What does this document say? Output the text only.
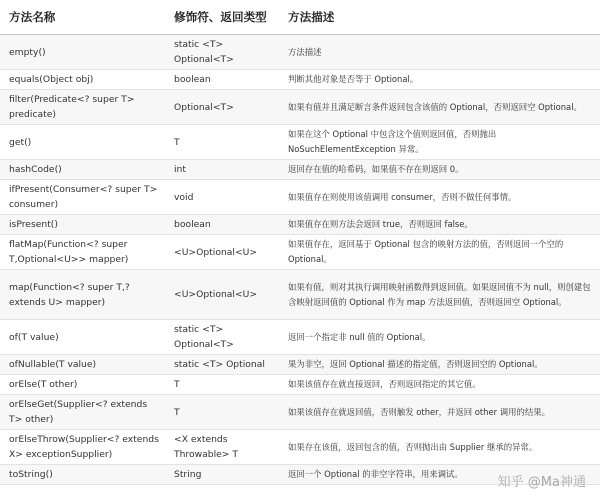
方法名称	修饰符、返回类型	方法描述
empty()	static <T> Optional<T>	方法描述
equals(Object obj)	boolean	判断其他对象是否等于 Optional。
filter(Predicate<? super T> predicate)	Optional<T>	如果有值并且满足断言条件返回包含该值的 Optional，否则返回空 Optional。
get()	T	如果在这个 Optional 中包含这个值则返回值，否则抛出 NoSuchElementException 异常。
hashCode()	int	返回存在值的哈希码，如果值不存在则返回 0。
ifPresent(Consumer<? super T> consumer)	void	如果值存在则使用该值调用 consumer，否则不做任何事情。
isPresent()	boolean	如果值存在则方法会返回 true，否则返回 false。
flatMap(Function<? super T,Optional<U>> mapper)	<U>Optional<U>	如果值存在，返回基于 Optional 包含的映射方法的值，否则返回一个空的 Optional。
map(Function<? super T,? extends U> mapper)	<U>Optional<U>	如果有值，则对其执行调用映射函数得到返回值。如果返回值不为 null，则创建包含映射返回值的 Optional 作为 map 方法返回值，否则返回空 Optional。
of(T value)	static <T> Optional<T>	返回一个指定非 null 值的 Optional。
ofNullable(T value)	static <T> Optional	果为非空，返回 Optional 描述的指定值，否则返回空的 Optional。
orElse(T other)	T	如果该值存在就直接返回，否则返回指定的其它值。
orElseGet(Supplier<? extends T> other)	T	如果该值存在就返回值，否则触发 other，并返回 other 调用的结果。
orElseThrow(Supplier<? extends X> exceptionSupplier)	<X extends Throwable> T	如果存在该值，返回包含的值，否则抛出由 Supplier 继承的异常。
toString()	String	返回一个 Optional 的非空字符串，用来调试。
知乎 @Ma神通
